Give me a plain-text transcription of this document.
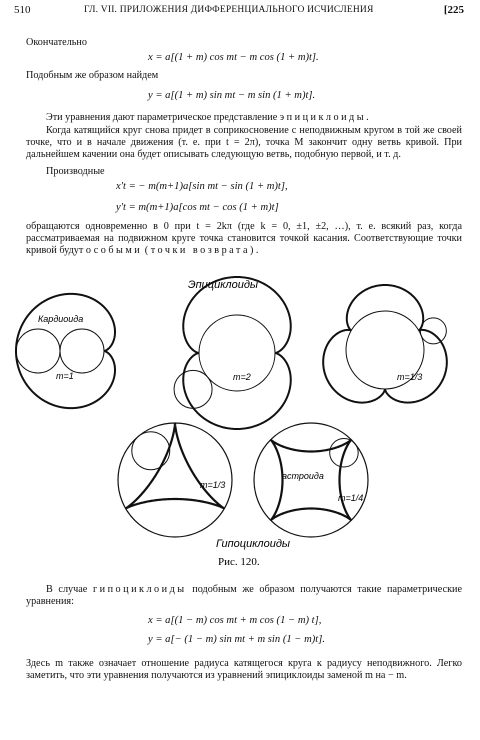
510	ГЛ. VII. ПРИЛОЖЕНИЯ ДИФФЕРЕНЦИАЛЬНОГО ИСЧИСЛЕНИЯ	[225
Окончательно
x = a[(1 + m) cos mt − m cos (1 + m)t].
Подобным же образом найдем
y = a[(1 + m) sin mt − m sin (1 + m)t].
Эти уравнения дают параметрическое представление эпициклоиды.
Когда катящийся круг снова придет в соприкосновение с неподвижным кругом в той же своей точке, что и в начале движения (т. е. при t = 2π), точка M закончит одну ветвь кривой. При дальнейшем качении она будет описывать следующую ветвь, подобную первой, и т. д.
Производные
x′t = − m(m+1)a[sin mt − sin (1 + m)t],
y′t = m(m+1)a[cos mt − cos (1 + m)t]
обращаются одновременно в 0 при t = 2kπ (где k = 0, ±1, ±2, …), т. е. всякий раз, когда рассматриваемая на подвижном круге точка становится точкой касания. Соответствующие точки кривой будут особыми (точки возврата).
Эпициклоиды
Кардиоида
m=1	m=2	m=1/3
m=1/3
астроида
m=1/4
Гипоциклоиды
Рис. 120.
В случае гипоциклоиды подобным же образом получаются такие параметрические уравнения:
x = a[(1 − m) cos mt + m cos (1 − m) t],
y = a[− (1 − m) sin mt + m sin (1 − m)t].
Здесь m также означает отношение радиуса катящегося круга к радиусу неподвижного. Легко заметить, что эти уравнения получаются из уравнений эпициклоиды заменой m на − m.
